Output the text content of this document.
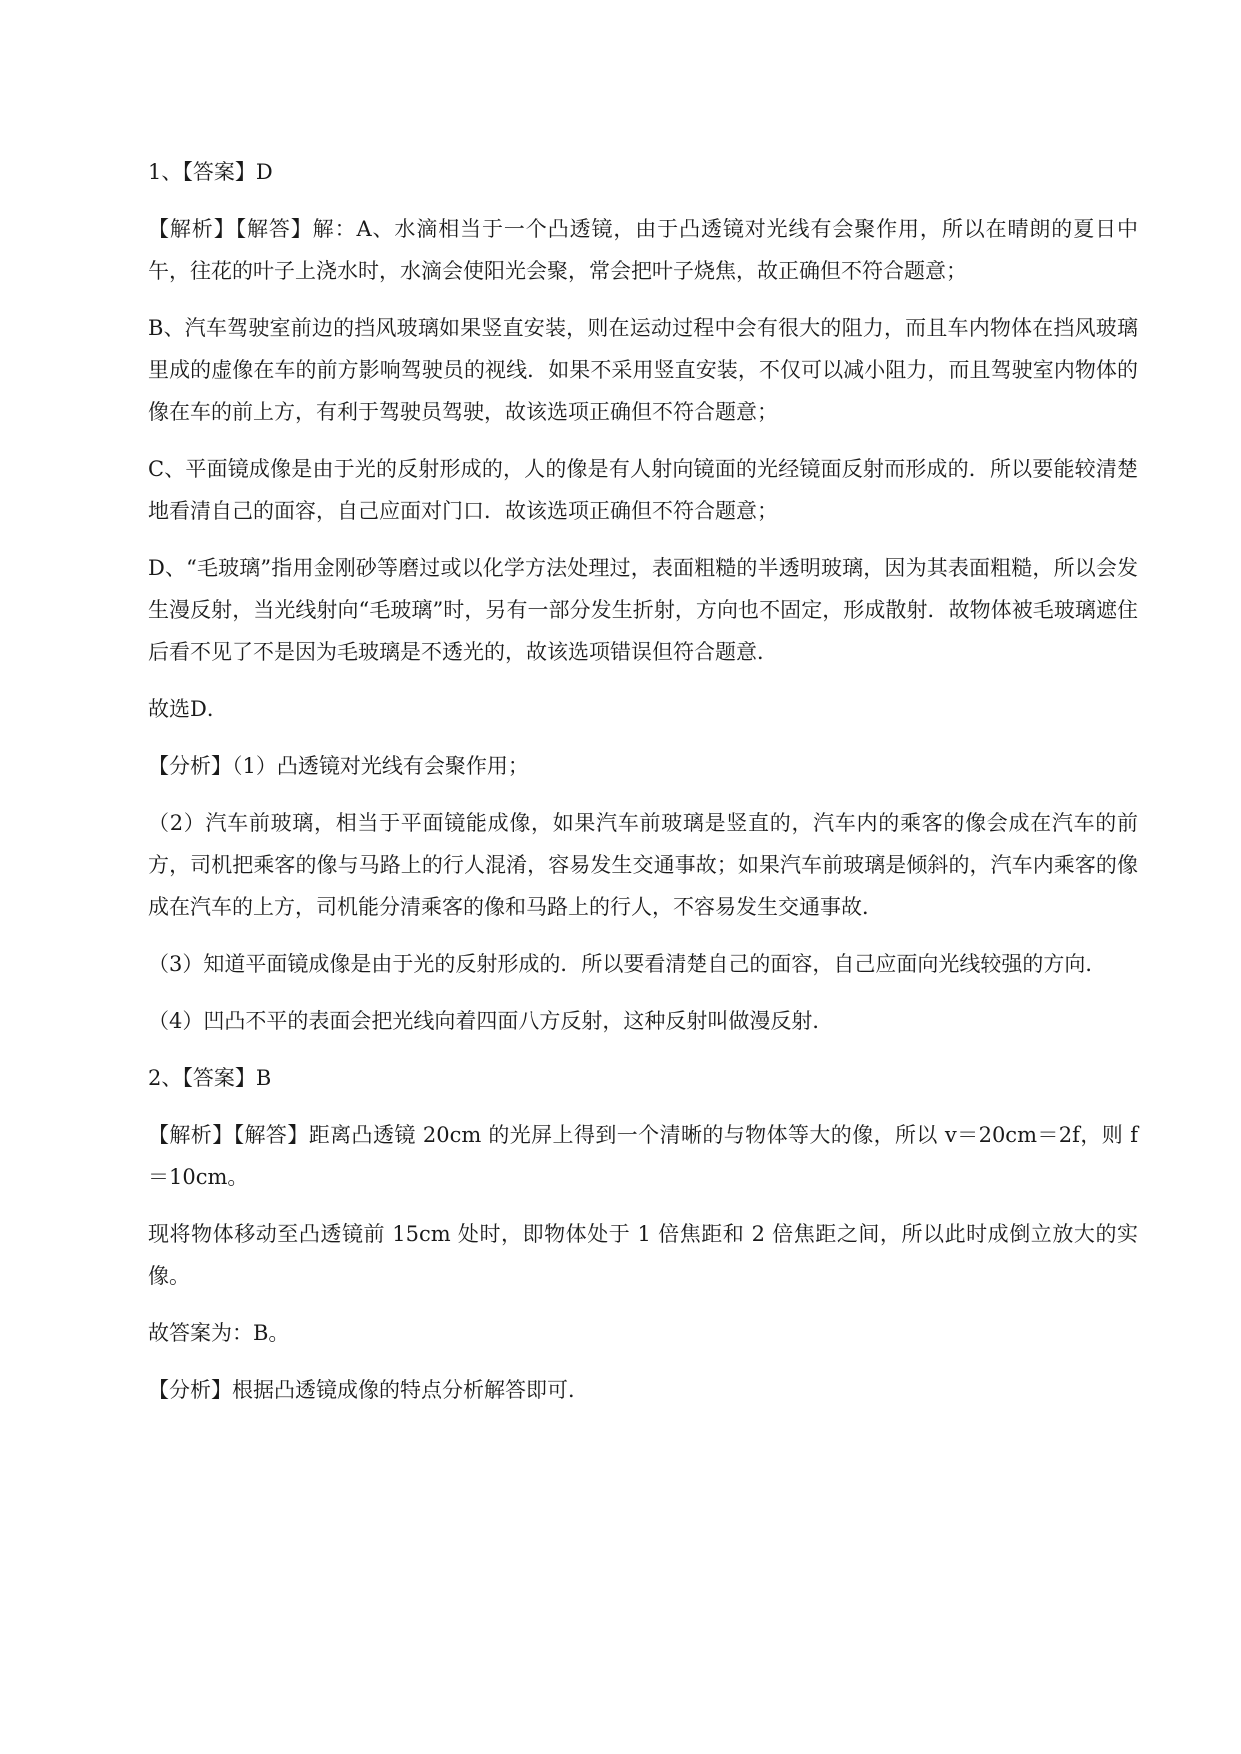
1、【答案】D

【解析】【解答】解：A、水滴相当于一个凸透镜，由于凸透镜对光线有会聚作用，所以在晴朗的夏日中午，往花的叶子上浇水时，水滴会使阳光会聚，常会把叶子烧焦，故正确但不符合题意；

B、汽车驾驶室前边的挡风玻璃如果竖直安装，则在运动过程中会有很大的阻力，而且车内物体在挡风玻璃里成的虚像在车的前方影响驾驶员的视线．如果不采用竖直安装，不仅可以减小阻力，而且驾驶室内物体的像在车的前上方，有利于驾驶员驾驶，故该选项正确但不符合题意；

C、平面镜成像是由于光的反射形成的，人的像是有人射向镜面的光经镜面反射而形成的．所以要能较清楚地看清自己的面容，自己应面对门口．故该选项正确但不符合题意；

D、“毛玻璃”指用金刚砂等磨过或以化学方法处理过，表面粗糙的半透明玻璃，因为其表面粗糙，所以会发生漫反射，当光线射向“毛玻璃”时，另有一部分发生折射，方向也不固定，形成散射．故物体被毛玻璃遮住后看不见了不是因为毛玻璃是不透光的，故该选项错误但符合题意．

故选D．

【分析】（1）凸透镜对光线有会聚作用；

（2）汽车前玻璃，相当于平面镜能成像，如果汽车前玻璃是竖直的，汽车内的乘客的像会成在汽车的前方，司机把乘客的像与马路上的行人混淆，容易发生交通事故；如果汽车前玻璃是倾斜的，汽车内乘客的像成在汽车的上方，司机能分清乘客的像和马路上的行人，不容易发生交通事故．

（3）知道平面镜成像是由于光的反射形成的．所以要看清楚自己的面容，自己应面向光线较强的方向．

（4）凹凸不平的表面会把光线向着四面八方反射，这种反射叫做漫反射．

2、【答案】B

【解析】【解答】距离凸透镜 20cm 的光屏上得到一个清晰的与物体等大的像，所以 v＝20cm＝2f，则 f＝10cm。

现将物体移动至凸透镜前 15cm 处时，即物体处于 1 倍焦距和 2 倍焦距之间，所以此时成倒立放大的实像。

故答案为：B。

【分析】根据凸透镜成像的特点分析解答即可．
